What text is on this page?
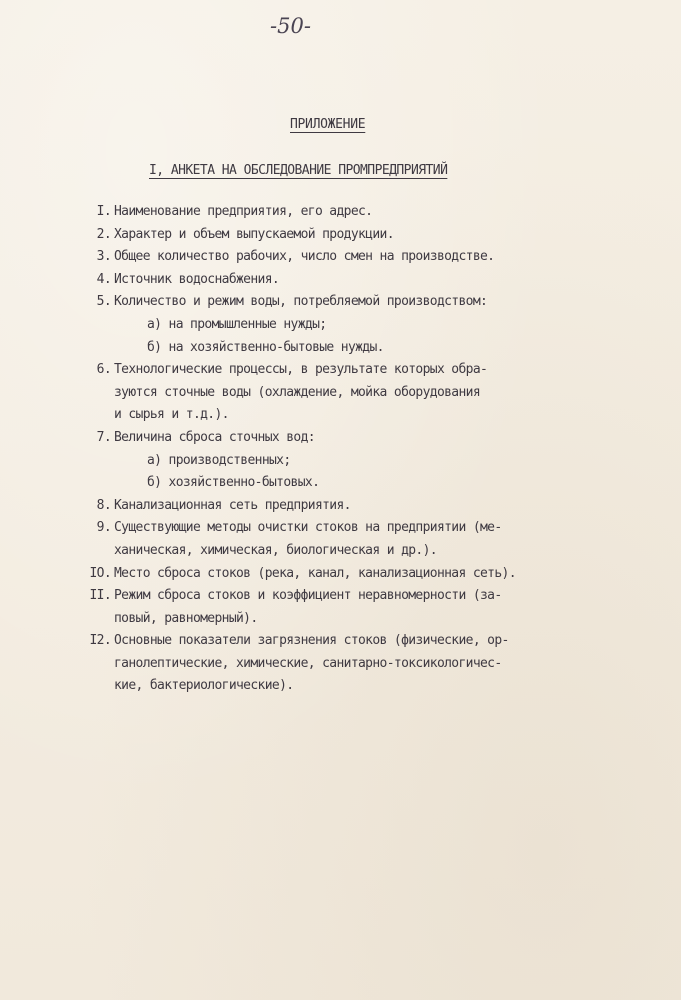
-50-
ПРИЛОЖЕНИЕ
I, АНКЕТА НА ОБСЛЕДОВАНИЕ ПРОМПРЕДПРИЯТИЙ
I. Наименование предприятия, его адрес.
2. Характер и объем выпускаемой продукции.
3. Общее количество рабочих, число смен на производстве.
4. Источник водоснабжения.
5. Количество и режим воды, потребляемой производством:
а) на промышленные нужды;
б) на хозяйственно-бытовые нужды.
6. Технологические процессы, в результате которых обра-
зуются сточные воды (охлаждение, мойка оборудования
и сырья и т.д.).
7. Величина сброса сточных вод:
а) производственных;
б) хозяйственно-бытовых.
8. Канализационная сеть предприятия.
9. Существующие методы очистки стоков на предприятии (ме-
ханическая, химическая, биологическая и др.).
IO. Место сброса стоков (река, канал, канализационная сеть).
II. Режим сброса стоков и коэффициент неравномерности (за-
повый, равномерный).
I2. Основные показатели загрязнения стоков (физические, ор-
ганолептические, химические, санитарно-токсикологичес-
кие, бактериологические).
